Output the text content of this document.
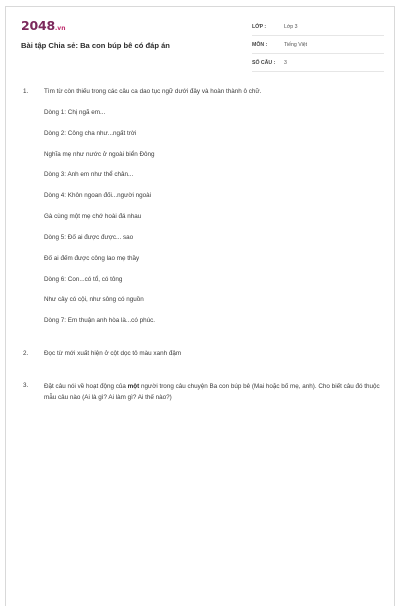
2048.vn
Bài tập Chia sẻ: Ba con búp bê có đáp án
LỚP :	Lớp 3
MÔN :	Tiếng Việt
SỐ CÂU : 3
1. Tìm từ còn thiếu trong các câu ca dao tục ngữ dưới đây và hoàn thành ô chữ.
Dòng 1: Chị ngã em...
Dòng 2: Công cha như...ngất trời
Nghĩa mẹ như nước ở ngoài biển Đông
Dòng 3: Anh em như thể chân...
Dòng 4: Khôn ngoan đối...người ngoài
Gà cùng một mẹ chớ hoài đá nhau
Dòng 5: Đố ai được được... sao
Đố ai đếm được công lao mẹ thầy
Dòng 6: Con...có tổ, có tông
Như cây có cội, như sông có nguồn
Dòng 7: Em thuận anh hòa là...có phúc.
2. Đọc từ mới xuất hiện ở cột dọc tô màu xanh đậm
3. Đặt câu nói về hoạt động của một người trong câu chuyện Ba con búp bê (Mai hoặc bố mẹ, anh). Cho biết câu đó thuộc mẫu câu nào (Ai là gì? Ai làm gì? Ai thế nào?)
